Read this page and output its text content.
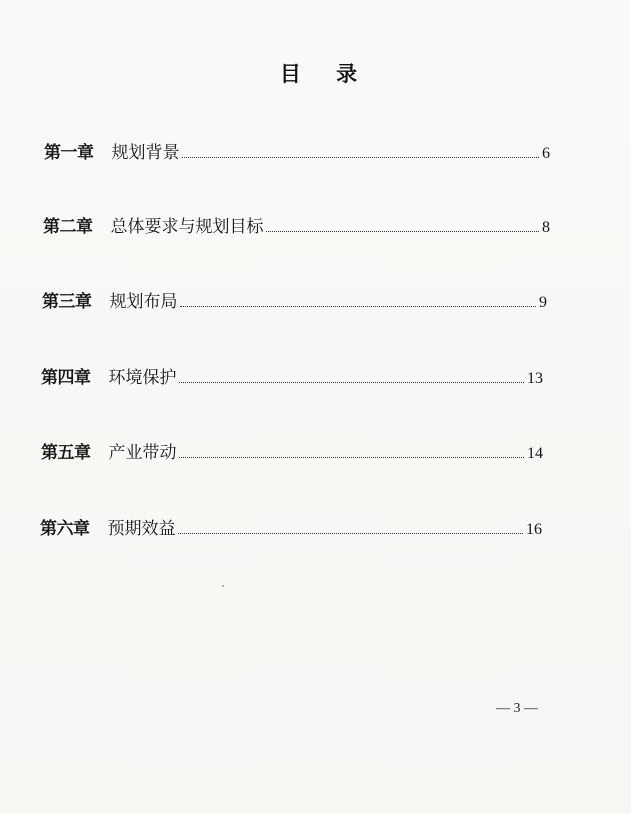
目 录
第一章 规划背景	6
第二章 总体要求与规划目标	8
第三章 规划布局	9
第四章 环境保护	13
第五章 产业带动	14
第六章 预期效益	16
— 3 —
